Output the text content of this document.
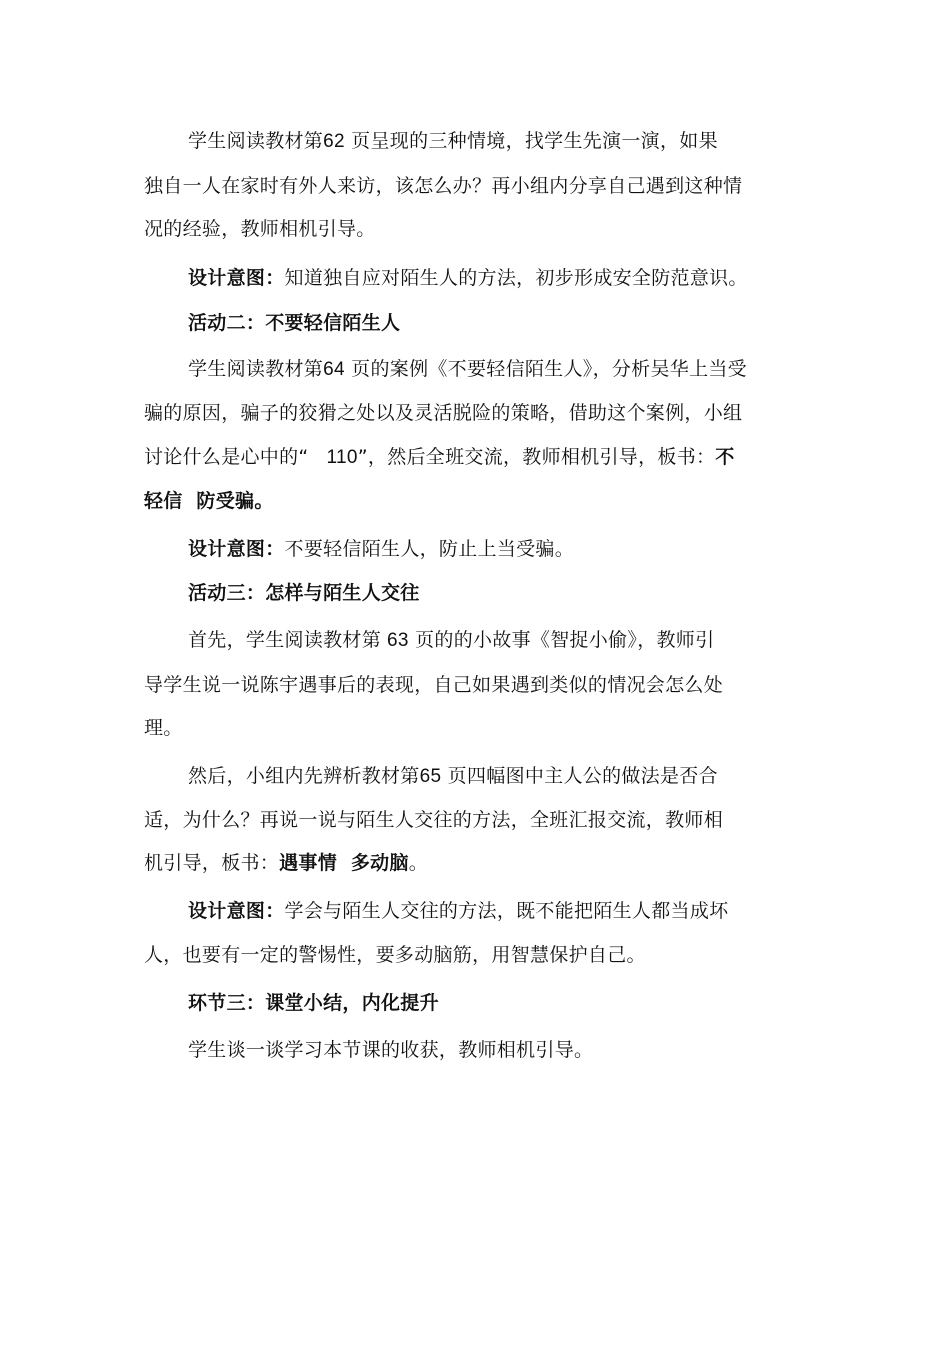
学生阅读教材第62 页呈现的三种情境，找学生先演一演，如果
独自一人在家时有外人来访，该怎么办？再小组内分享自己遇到这种情
况的经验，教师相机引导。
设计意图：知道独自应对陌生人的方法，初步形成安全防范意识。
活动二：不要轻信陌生人
学生阅读教材第64 页的案例《不要轻信陌生人》，分析吴华上当受
骗的原因，骗子的狡猾之处以及灵活脱险的策略，借助这个案例，小组
讨论什么是心中的“ 110”，然后全班交流，教师相机引导，板书：不
轻信  防受骗。
设计意图：不要轻信陌生人，防止上当受骗。
活动三：怎样与陌生人交往
首先，学生阅读教材第 63 页的的小故事《智捉小偷》，教师引
导学生说一说陈宇遇事后的表现，自己如果遇到类似的情况会怎么处
理。
然后，小组内先辨析教材第65 页四幅图中主人公的做法是否合
适，为什么？再说一说与陌生人交往的方法，全班汇报交流，教师相
机引导，板书：遇事情  多动脑。
设计意图：学会与陌生人交往的方法，既不能把陌生人都当成坏
人，也要有一定的警惕性，要多动脑筋，用智慧保护自己。
环节三：课堂小结，内化提升
学生谈一谈学习本节课的收获，教师相机引导。
